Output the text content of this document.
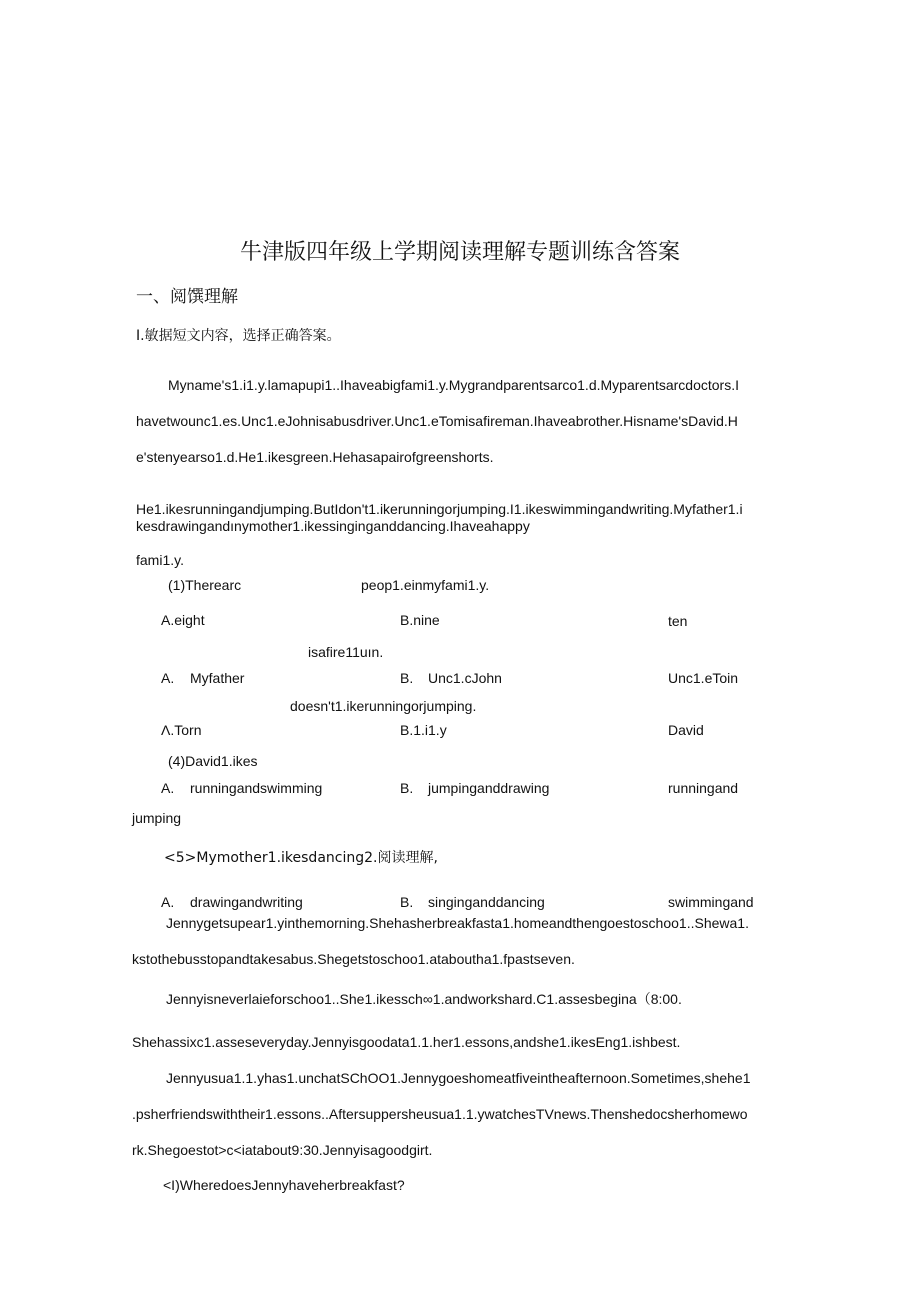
牛津版四年级上学期阅读理解专题训练含答案
一、阅馔理解
I.敏据短文内容，选择正确答案。
Myname's1.i1.y.lamapupi1..Ihaveabigfami1.y.Mygrandparentsarco1.d.Myparentsarcdoctors.I
havetwounc1.es.Unc1.eJohnisabusdriver.Unc1.eTomisafireman.Ihaveabrother.Hisname'sDavid.H
e'stenyearso1.d.He1.ikesgreen.Hehasapairofgreenshorts.
He1.ikesrunningandjumping.ButIdon't1.ikerunningorjumping.I1.ikeswimmingandwriting.Myfather1.i
kesdrawingandınymother1.ikessinginganddancing.Ihaveahappy
fami1.y.
(1)Therearc	peop1.einmyfami1.y.
A.eight	B.nine	ten
isafire11uın.
A. Myfather	B. Unc1.cJohn	Unc1.eToin
doesn't1.ikerunningorjumping.
Λ.Torn	B.1.i1.y	David
(4)David1.ikes
A. runningandswimming	B. jumpinganddrawing	runningand
jumping
<5>Mymother1.ikesdancing2.阅读理解,
A. drawingandwriting	B. singinganddancing	swimmingand
Jennygetsupear1.yinthemorning.Shehasherbreakfasta1.homeandthengoestoschoo1..Shewa1.
kstothebusstopandtakesabus.Shegetstoschoo1.ataboutha1.fpastseven.
Jennyisneverlaieforschoo1..She1.ikessch∞1.andworkshard.C1.assesbegina（8:00.
Shehassixc1.asseseveryday.Jennyisgoodata1.1.her1.essons,andshe1.ikesEng1.ishbest.
Jennyusua1.1.yhas1.unchatSChOO1.Jennygoeshomeatfiveintheafternoon.Sometimes,shehe1
.psherfriendswiththeir1.essons..Aftersuppersheusua1.1.ywatchesTVnews.Thenshedocsherhomewo
rk.Shegoestot>c<iatabout9:30.Jennyisagoodgirt.
<I)WheredoesJennyhaveherbreakfast?
